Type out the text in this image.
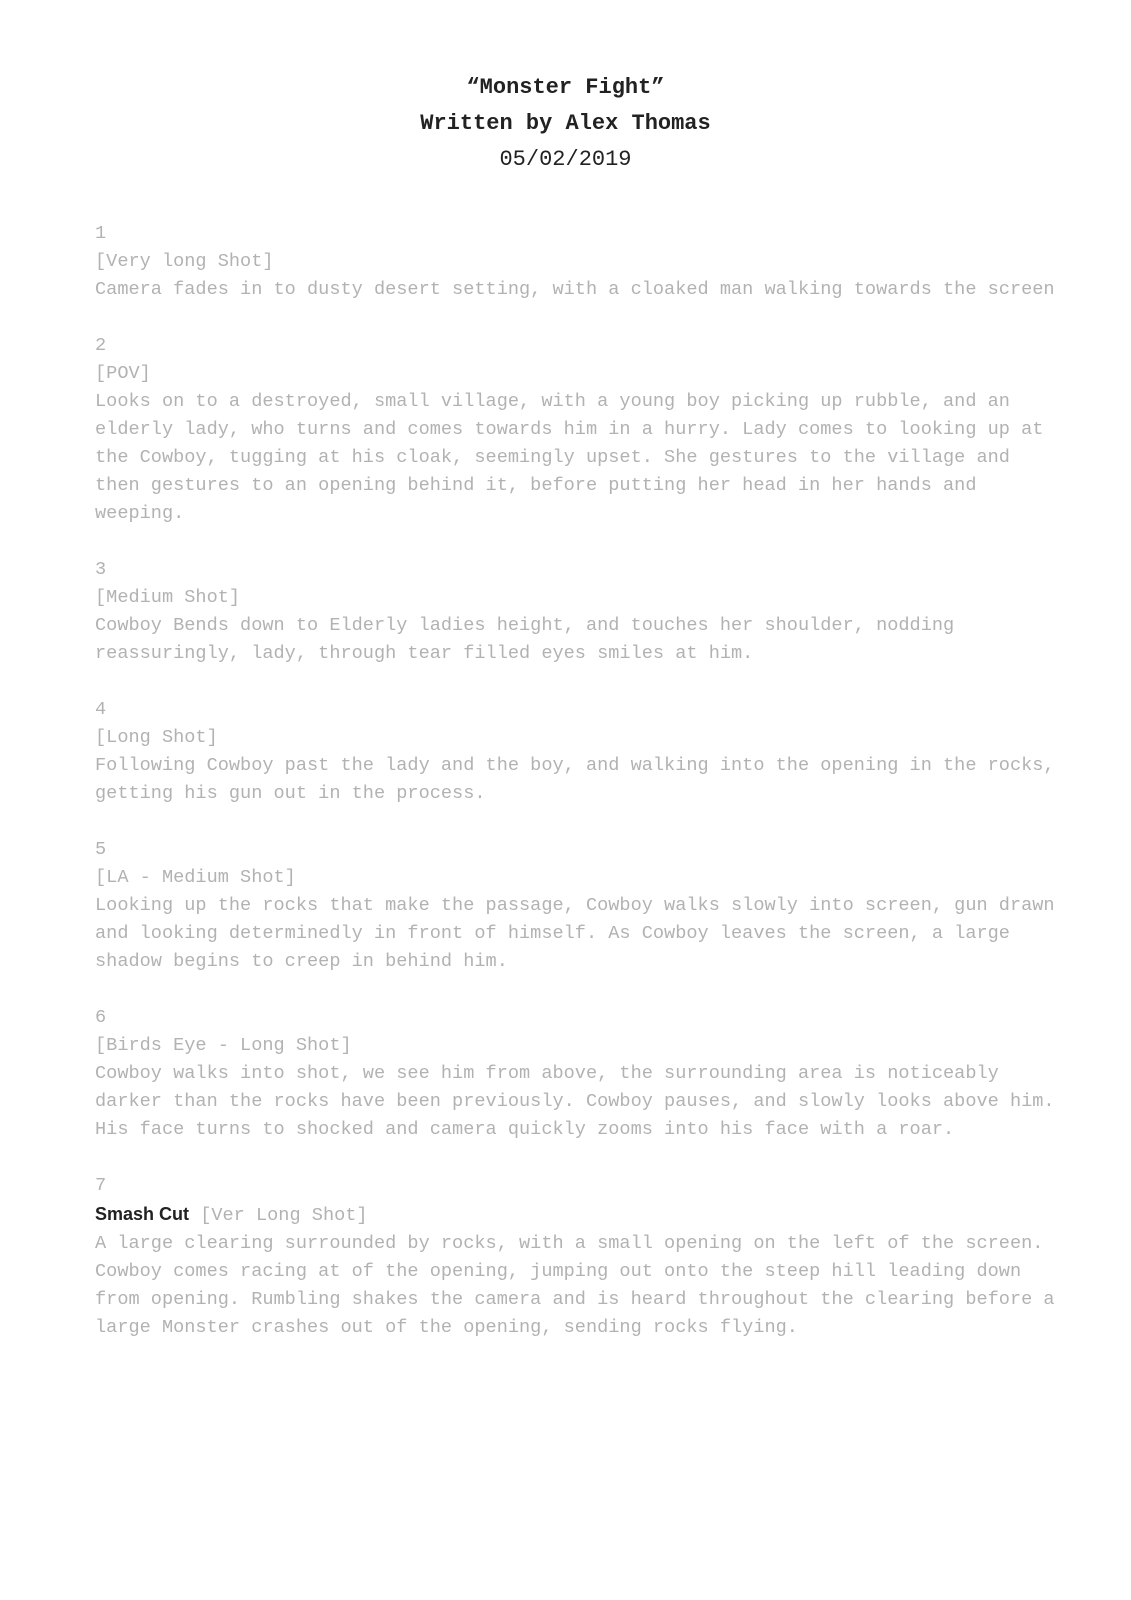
“Monster Fight”
Written by Alex Thomas
05/02/2019
1
[Very long Shot]
Camera fades in to dusty desert setting, with a cloaked man walking towards the screen
2
[POV]
Looks on to a destroyed, small village, with a young boy picking up rubble, and an elderly lady, who turns and comes towards him in a hurry. Lady comes to looking up at the Cowboy, tugging at his cloak, seemingly upset. She gestures to the village and then gestures to an opening behind it, before putting her head in her hands and weeping.
3
[Medium Shot]
Cowboy Bends down to Elderly ladies height, and touches her shoulder, nodding reassuringly, lady, through tear filled eyes smiles at him.
4
[Long Shot]
Following Cowboy past the lady and the boy, and walking into the opening in the rocks, getting his gun out in the process.
5
[LA - Medium Shot]
Looking up the rocks that make the passage, Cowboy walks slowly into screen, gun drawn and looking determinedly in front of himself. As Cowboy leaves the screen, a large shadow begins to creep in behind him.
6
[Birds Eye - Long Shot]
Cowboy walks into shot, we see him from above, the surrounding area is noticeably darker than the rocks have been previously. Cowboy pauses, and slowly looks above him. His face turns to shocked and camera quickly zooms into his face with a roar.
7
Smash Cut [Ver Long Shot]
A large clearing surrounded by rocks, with a small opening on the left of the screen. Cowboy comes racing at of the opening, jumping out onto the steep hill leading down from opening. Rumbling shakes the camera and is heard throughout the clearing before a large Monster crashes out of the opening, sending rocks flying.
